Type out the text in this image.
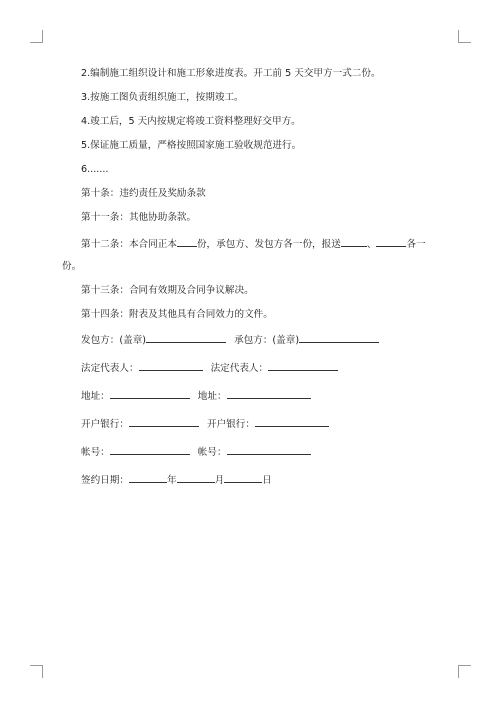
2.编制施工组织设计和施工形象进度表。开工前 5 天交甲方一式二份。

3.按施工图负责组织施工，按期竣工。

4.竣工后，5 天内按规定将竣工资料整理好交甲方。

5.保证施工质量，严格按照国家施工验收规范进行。

6.......

第十条：违约责任及奖励条款

第十一条：其他协助条款。

第十二条：本合同正本 份，承包方、发包方各一份，报送	、	各一份。

第十三条：合同有效期及合同争议解决。

第十四条：附表及其他具有合同效力的文件。

发包方：(盖章)	承包方：(盖章)

法定代表人：	法定代表人：

地址：	地址：

开户银行：	开户银行：

帐号：	帐号：

签约日期：	年	月	日
